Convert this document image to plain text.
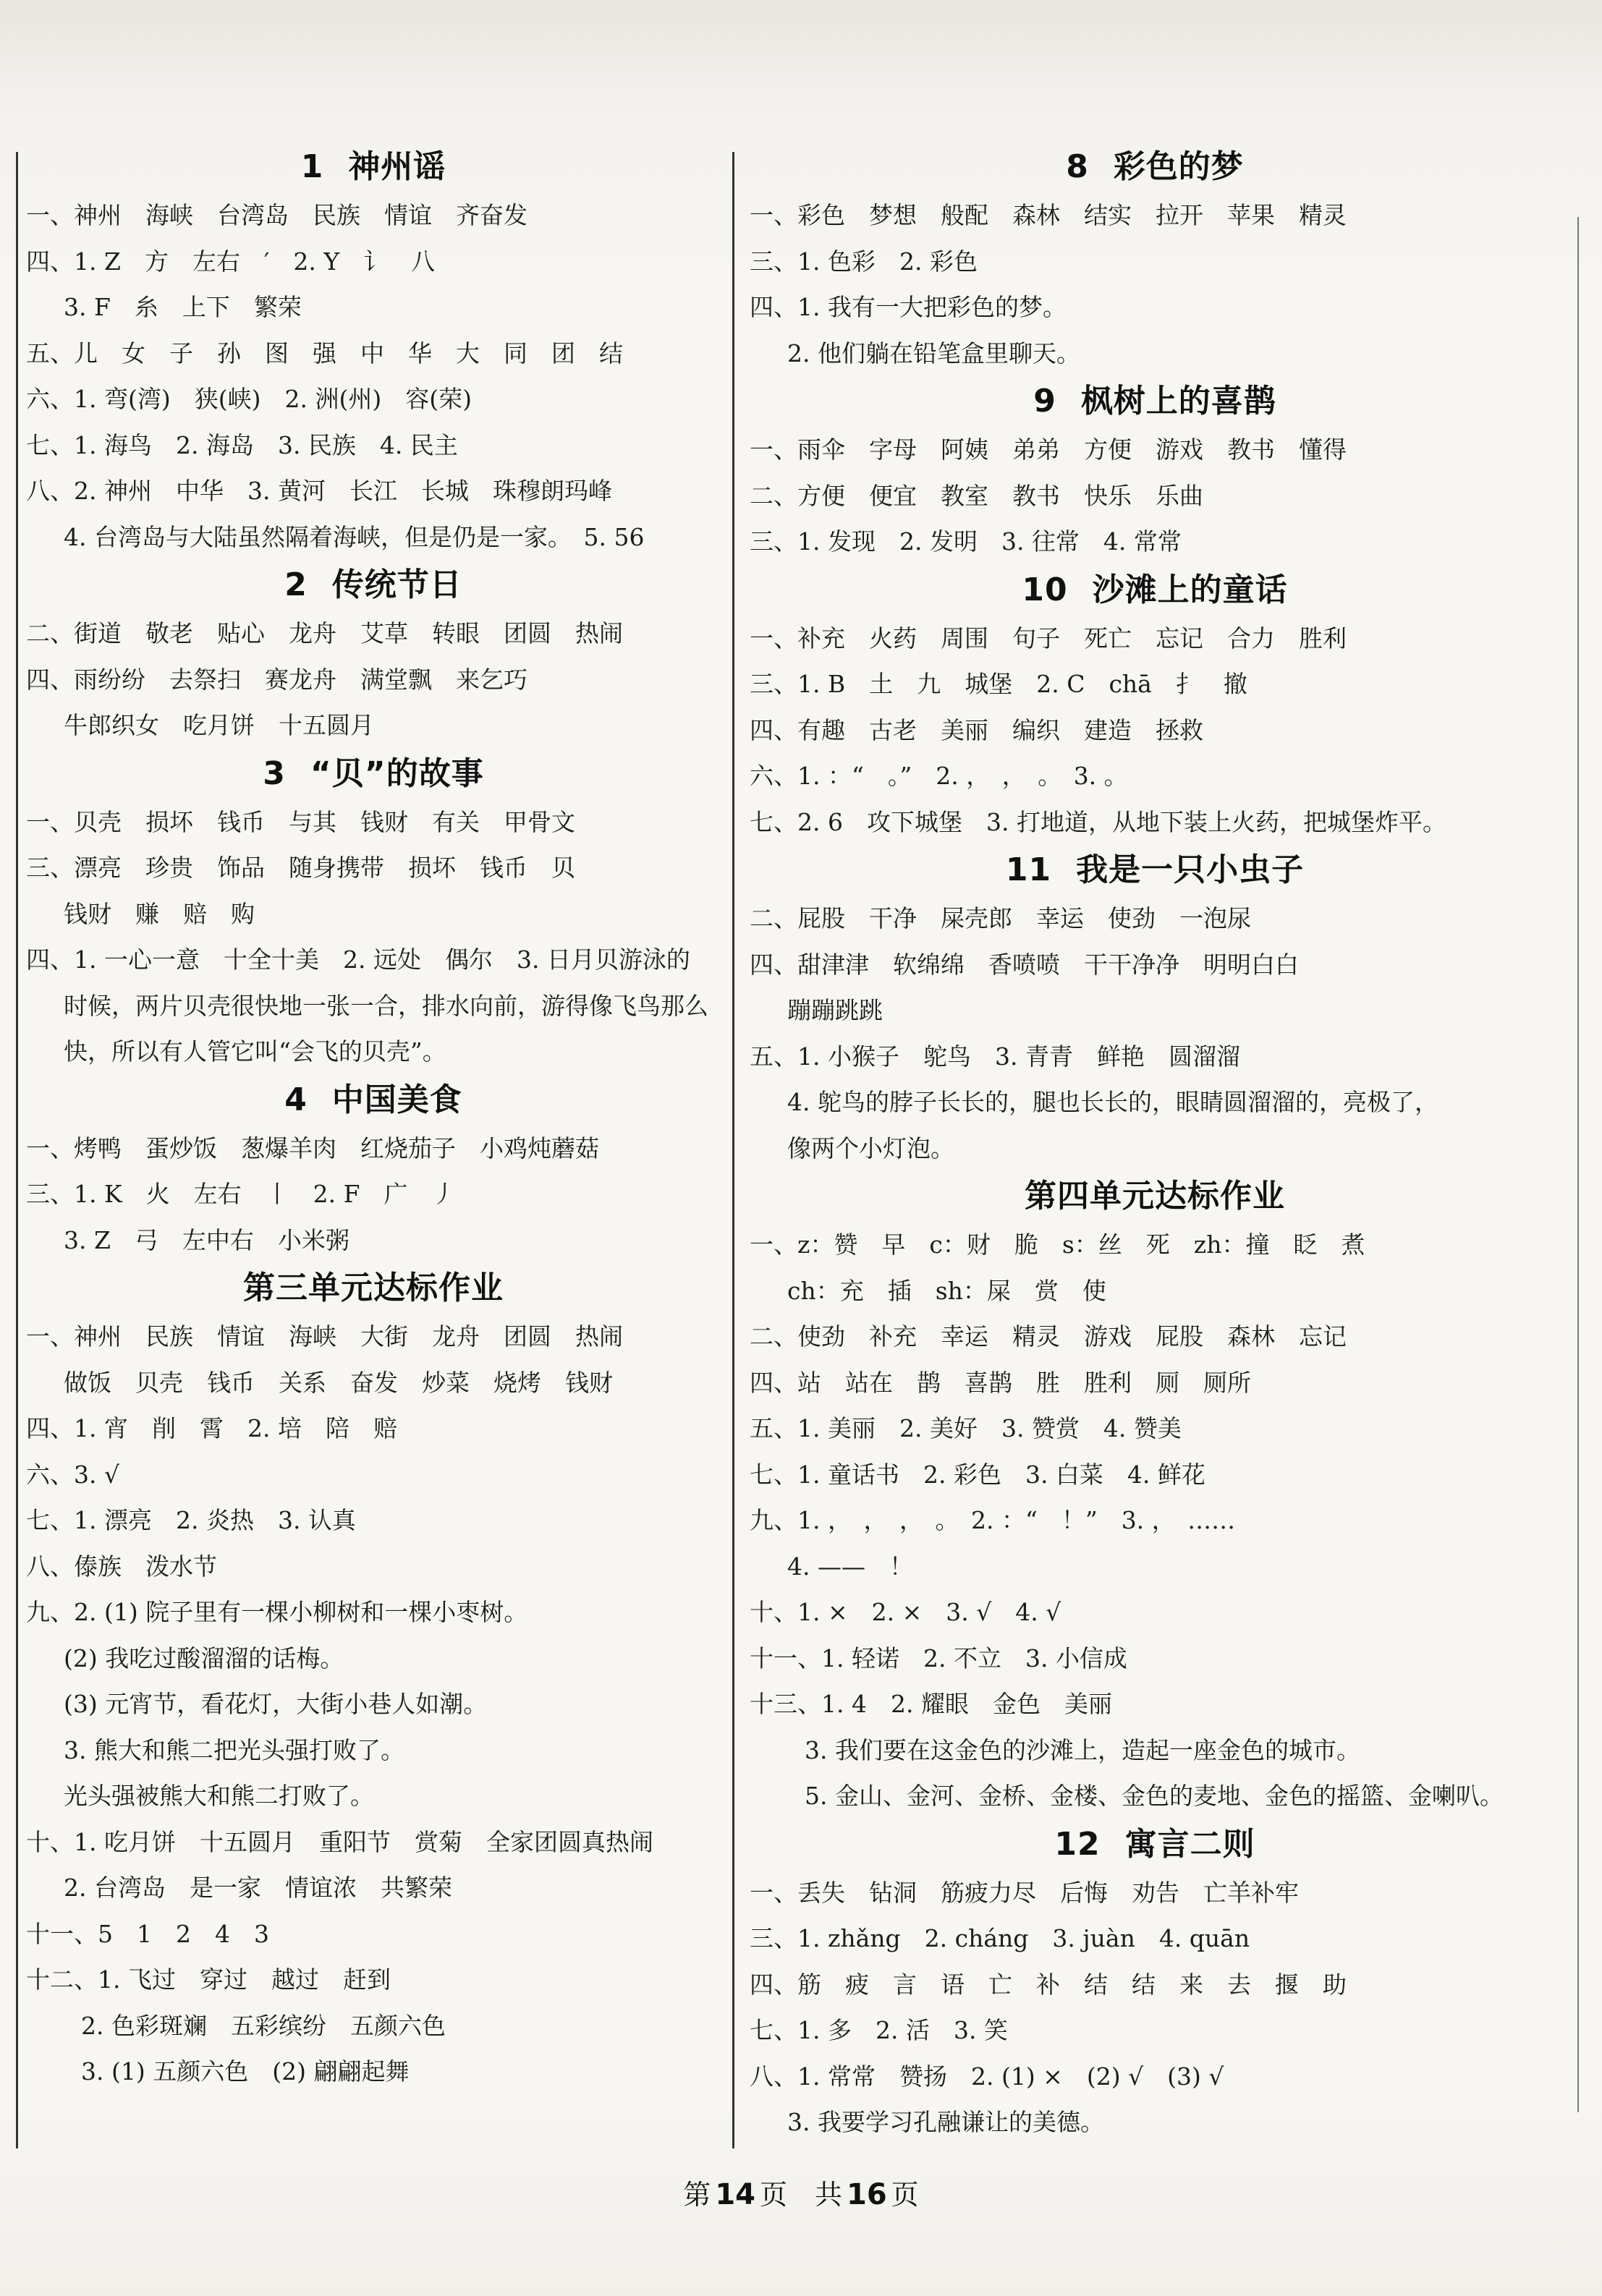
1 神州谣
一、神州　海峡　台湾岛　民族　情谊　齐奋发
四、1. Z　方　左右　′　2. Y　讠　八
3. F　糸　上下　繁荣
五、儿　女　子　孙　图　强　中　华　大　同　团　结
六、1. 弯(湾)　狭(峡)　2. 洲(州)　容(荣)
七、1. 海鸟　2. 海岛　3. 民族　4. 民主
八、2. 神州　中华　3. 黄河　长江　长城　珠穆朗玛峰
4. 台湾岛与大陆虽然隔着海峡，但是仍是一家。　5. 56
2 传统节日
二、街道　敬老　贴心　龙舟　艾草　转眼　团圆　热闹
四、雨纷纷　去祭扫　赛龙舟　满堂飘　来乞巧
牛郎织女　吃月饼　十五圆月
3 “贝”的故事
一、贝壳　损坏　钱币　与其　钱财　有关　甲骨文
三、漂亮　珍贵　饰品　随身携带　损坏　钱币　贝
钱财　赚　赔　购
四、1. 一心一意　十全十美　2. 远处　偶尔　3. 日月贝游泳的
时候，两片贝壳很快地一张一合，排水向前，游得像飞鸟那么
快，所以有人管它叫“会飞的贝壳”。
4 中国美食
一、烤鸭　蛋炒饭　葱爆羊肉　红烧茄子　小鸡炖蘑菇
三、1. K　火　左右　丨　2. F　广　丿
3. Z　弓　左中右　小米粥
第三单元达标作业
一、神州　民族　情谊　海峡　大街　龙舟　团圆　热闹
做饭　贝壳　钱币　关系　奋发　炒菜　烧烤　钱财
四、1. 宵　削　霄　2. 培　陪　赔
六、3. √
七、1. 漂亮　2. 炎热　3. 认真
八、傣族　泼水节
九、2. (1) 院子里有一棵小柳树和一棵小枣树。
(2) 我吃过酸溜溜的话梅。
(3) 元宵节，看花灯，大街小巷人如潮。
3. 熊大和熊二把光头强打败了。
光头强被熊大和熊二打败了。
十、1. 吃月饼　十五圆月　重阳节　赏菊　全家团圆真热闹
2. 台湾岛　是一家　情谊浓　共繁荣
十一、5　1　2　4　3
十二、1. 飞过　穿过　越过　赶到
2. 色彩斑斓　五彩缤纷　五颜六色
3. (1) 五颜六色　(2) 翩翩起舞
8 彩色的梦
一、彩色　梦想　般配　森林　结实　拉开　苹果　精灵
三、1. 色彩　2. 彩色
四、1. 我有一大把彩色的梦。
2. 他们躺在铅笔盒里聊天。
9 枫树上的喜鹊
一、雨伞　字母　阿姨　弟弟　方便　游戏　教书　懂得
二、方便　便宜　教室　教书　快乐　乐曲
三、1. 发现　2. 发明　3. 往常　4. 常常
10 沙滩上的童话
一、补充　火药　周围　句子　死亡　忘记　合力　胜利
三、1. B　土　九　城堡　2. C　chā　扌　撤
四、有趣　古老　美丽　编织　建造　拯救
六、1. ：“　。”　2. ，　，　。　3. 。
七、2. 6　攻下城堡　3. 打地道，从地下装上火药，把城堡炸平。
11 我是一只小虫子
二、屁股　干净　屎壳郎　幸运　使劲　一泡尿
四、甜津津　软绵绵　香喷喷　干干净净　明明白白
蹦蹦跳跳
五、1. 小猴子　鸵鸟　3. 青青　鲜艳　圆溜溜
4. 鸵鸟的脖子长长的，腿也长长的，眼睛圆溜溜的，亮极了，
像两个小灯泡。
第四单元达标作业
一、z：赞　早　c：财　脆　s：丝　死　zh：撞　眨　煮
ch：充　插　sh：屎　赏　使
二、使劲　补充　幸运　精灵　游戏　屁股　森林　忘记
四、站　站在　鹊　喜鹊　胜　胜利　厕　厕所
五、1. 美丽　2. 美好　3. 赞赏　4. 赞美
七、1. 童话书　2. 彩色　3. 白菜　4. 鲜花
九、1. ，　，　，　。　2. ：“　！”　3. ，　……
4. ——　！
十、1. ×　2. ×　3. √　4. √
十一、1. 轻诺　2. 不立　3. 小信成
十三、1. 4　2. 耀眼　金色　美丽
3. 我们要在这金色的沙滩上，造起一座金色的城市。
5. 金山、金河、金桥、金楼、金色的麦地、金色的摇篮、金喇叭。
12 寓言二则
一、丢失　钻洞　筋疲力尽　后悔　劝告　亡羊补牢
三、1. zhǎng　2. cháng　3. juàn　4. quān
四、筋　疲　言　语　亡　补　结　结　来　去　揠　助
七、1. 多　2. 活　3. 笑
八、1. 常常　赞扬　2. (1) ×　(2) √　(3) √
3. 我要学习孔融谦让的美德。
第 14 页　共 16 页
